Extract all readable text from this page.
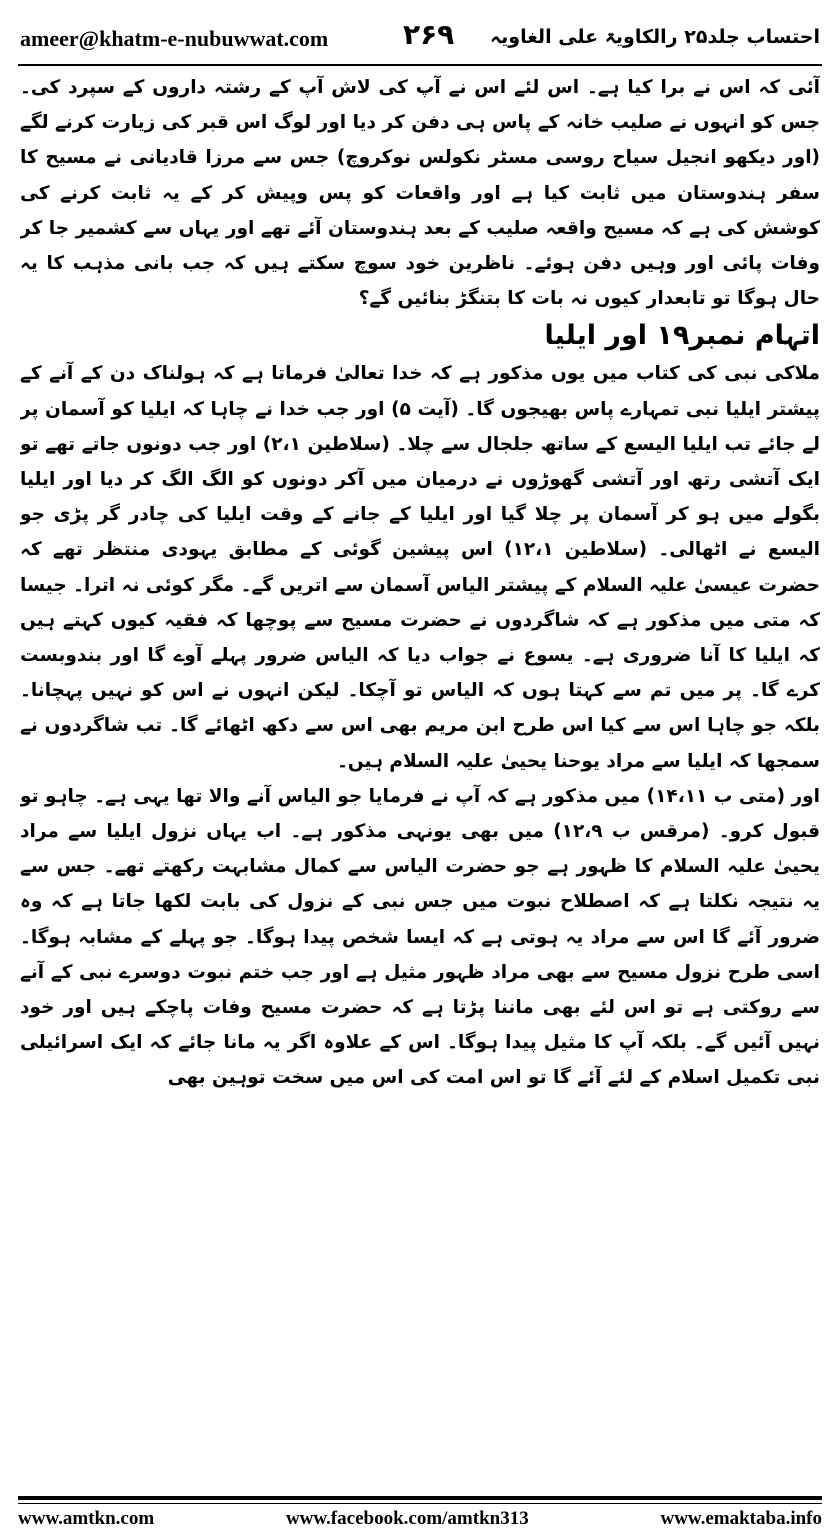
ameer@khatm-e-nubuwwat.com	۲۶۹ احتساب جلد۲۵ رالکاویۃ علی الغاویہ

آئی کہ اس نے برا کیا ہے۔ اس لئے اس نے آپ کی لاش آپ کے رشتہ داروں کے سپرد کی۔ جس کو انہوں نے صلیب خانہ کے پاس ہی دفن کر دیا اور لوگ اس قبر کی زیارت کرنے لگے (اور دیکھو انجیل سیاح روسی مسٹر نکولس نوکروچ) جس سے مرزا قادیانی نے مسیح کا سفر ہندوستان میں ثابت کیا ہے اور واقعات کو پس وپیش کر کے یہ ثابت کرنے کی کوشش کی ہے کہ مسیح واقعہ صلیب کے بعد ہندوستان آئے تھے اور یہاں سے کشمیر جا کر وفات پائی اور وہیں دفن ہوئے۔ ناظرین خود سوچ سکتے ہیں کہ جب بانی مذہب کا یہ حال ہوگا تو تابعدار کیوں نہ بات کا بتنگڑ بنائیں گے؟

اتہام نمبر۱۹ اور ایلیا

ملاکی نبی کی کتاب میں یوں مذکور ہے کہ خدا تعالیٰ فرماتا ہے کہ ہولناک دن کے آنے کے پیشتر ایلیا نبی تمہارے پاس بھیجوں گا۔ (آیت ۵) اور جب خدا نے چاہا کہ ایلیا کو آسمان پر لے جائے تب ایلیا الیسع کے ساتھ جلجال سے چلا۔ (سلاطین ۲،۱) اور جب دونوں جاتے تھے تو ایک آتشی رتھ اور آتشی گھوڑوں نے درمیان میں آکر دونوں کو الگ الگ کر دیا اور ایلیا بگولے میں ہو کر آسمان پر چلا گیا اور ایلیا کے جانے کے وقت ایلیا کی چادر گر پڑی جو الیسع نے اٹھالی۔ (سلاطین ۱۲،۱) اس پیشین گوئی کے مطابق یہودی منتظر تھے کہ حضرت عیسیٰ علیہ السلام کے پیشتر الیاس آسمان سے اتریں گے۔ مگر کوئی نہ اترا۔ جیسا کہ متی میں مذکور ہے کہ شاگردوں نے حضرت مسیح سے پوچھا کہ فقیہ کیوں کہتے ہیں کہ ایلیا کا آنا ضروری ہے۔ یسوع نے جواب دیا کہ الیاس ضرور پہلے آوے گا اور بندوبست کرے گا۔ پر میں تم سے کہتا ہوں کہ الیاس تو آچکا۔ لیکن انہوں نے اس کو نہیں پہچانا۔ بلکہ جو چاہا اس سے کیا اس طرح ابن مریم بھی اس سے دکھ اٹھائے گا۔ تب شاگردوں نے سمجھا کہ ایلیا سے مراد یوحنا یحییٰ علیہ السلام ہیں۔

اور (متی ب ۱۴،۱۱) میں مذکور ہے کہ آپ نے فرمایا جو الیاس آنے والا تھا یہی ہے۔ چاہو تو قبول کرو۔ (مرقس ب ۱۲،۹) میں بھی یونہی مذکور ہے۔ اب یہاں نزول ایلیا سے مراد یحییٰ علیہ السلام کا ظہور ہے جو حضرت الیاس سے کمال مشابہت رکھتے تھے۔ جس سے یہ نتیجہ نکلتا ہے کہ اصطلاح نبوت میں جس نبی کے نزول کی بابت لکھا جاتا ہے کہ وہ ضرور آئے گا اس سے مراد یہ ہوتی ہے کہ ایسا شخص پیدا ہوگا۔ جو پہلے کے مشابہ ہوگا۔ اسی طرح نزول مسیح سے بھی مراد ظہور مثیل ہے اور جب ختم نبوت دوسرے نبی کے آنے سے روکتی ہے تو اس لئے بھی ماننا پڑتا ہے کہ حضرت مسیح وفات پاچکے ہیں اور خود نہیں آئیں گے۔ بلکہ آپ کا مثیل پیدا ہوگا۔ اس کے علاوہ اگر یہ مانا جائے کہ ایک اسرائیلی نبی تکمیل اسلام کے لئے آئے گا تو اس امت کی اس میں سخت توہین بھی

www.amtkn.com	www.facebook.com/amtkn313	www.emaktaba.info
